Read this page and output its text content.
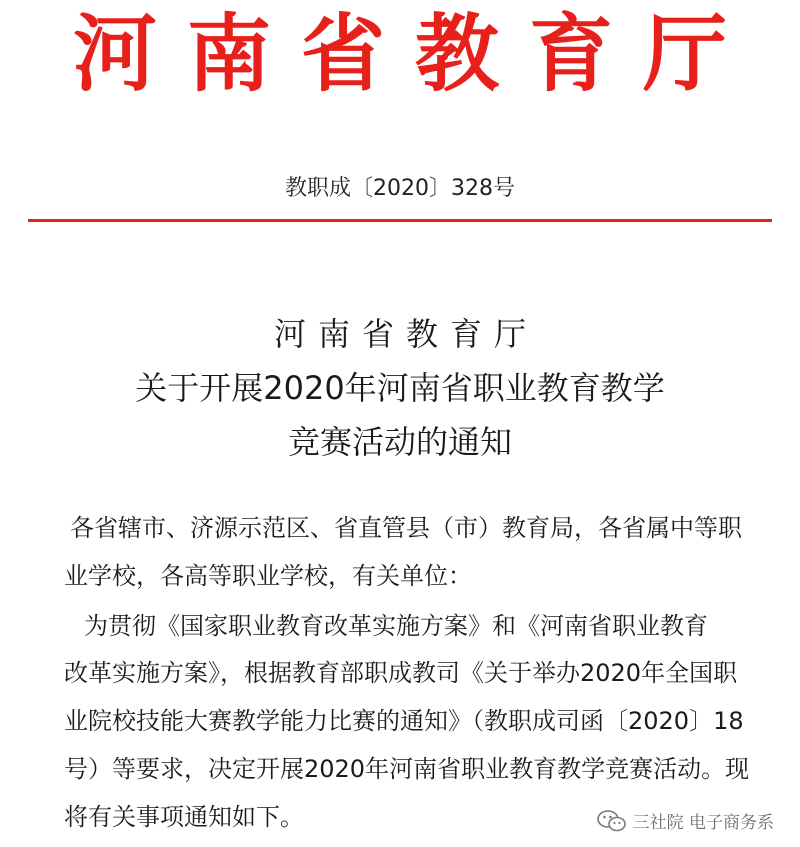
河南省教育厅
教职成〔2020〕328号
河南省教育厅
关于开展2020年河南省职业教育教学
竞赛活动的通知
各省辖市、济源示范区、省直管县（市）教育局，各省属中等职
业学校，各高等职业学校，有关单位：
为贯彻《国家职业教育改革实施方案》和《河南省职业教育
改革实施方案》，根据教育部职成教司《关于举办2020年全国职
业院校技能大赛教学能力比赛的通知》（教职成司函〔2020〕18
号）等要求，决定开展2020年河南省职业教育教学竞赛活动。现
将有关事项通知如下。	三社院 电子商务系
